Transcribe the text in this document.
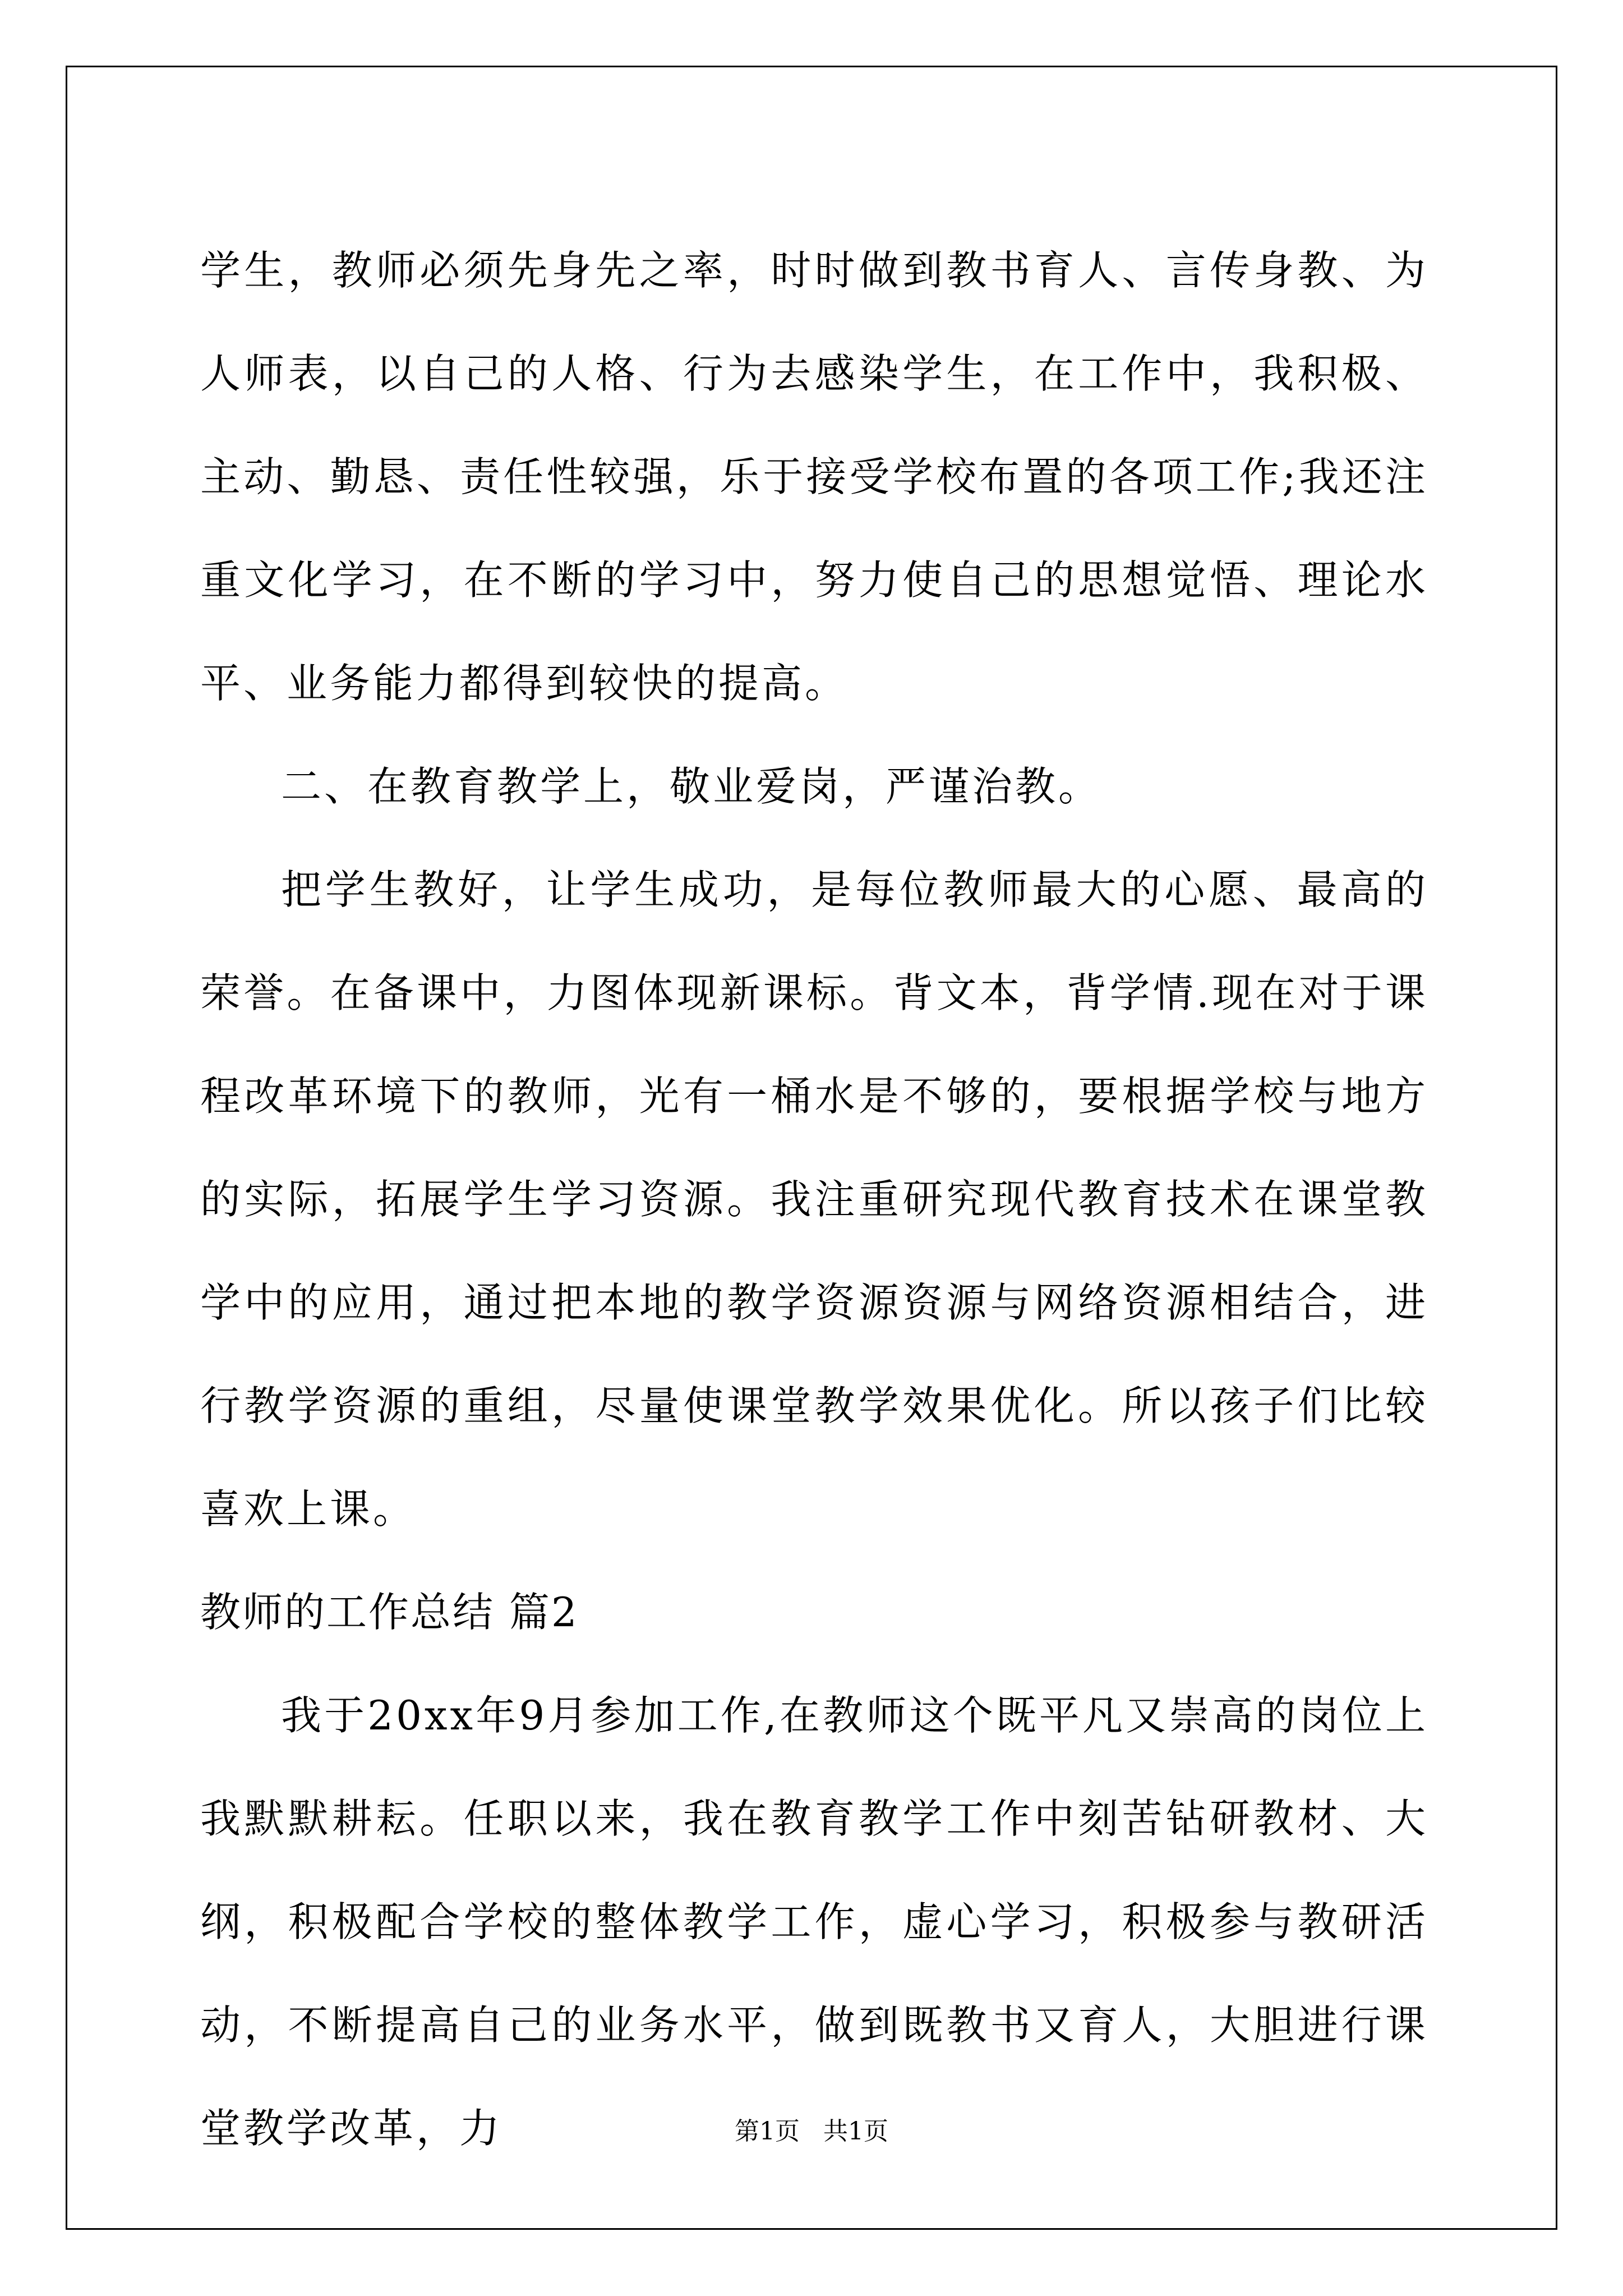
学生，教师必须先身先之率，时时做到教书育人、言传身教、为人师表，以自己的人格、行为去感染学生，在工作中，我积极、主动、勤恳、责任性较强，乐于接受学校布置的各项工作;我还注重文化学习，在不断的学习中，努力使自己的思想觉悟、理论水平、业务能力都得到较快的提高。

二、在教育教学上，敬业爱岗，严谨治教。

把学生教好，让学生成功，是每位教师最大的心愿、最高的荣誉。在备课中，力图体现新课标。背文本，背学情.现在对于课程改革环境下的教师，光有一桶水是不够的，要根据学校与地方的实际，拓展学生学习资源。我注重研究现代教育技术在课堂教学中的应用，通过把本地的教学资源资源与网络资源相结合，进行教学资源的重组，尽量使课堂教学效果优化。所以孩子们比较喜欢上课。

教师的工作总结 篇2

我于20xx年9月参加工作,在教师这个既平凡又崇高的岗位上我默默耕耘。任职以来，我在教育教学工作中刻苦钻研教材、大纲，积极配合学校的整体教学工作，虚心学习，积极参与教研活动，不断提高自己的业务水平，做到既教书又育人，大胆进行课堂教学改革，力	第1页   共1页
